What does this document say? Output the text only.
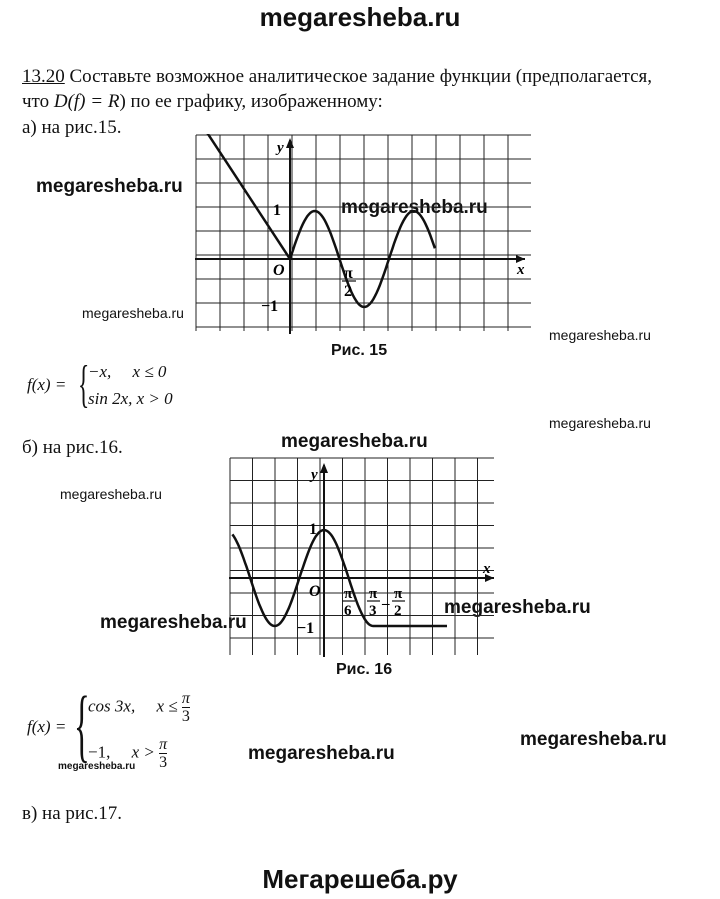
megaresheba.ru
13.20 Составьте возможное аналитическое задание функции (предполагается,
что D(f) = R) по ее графику, изображенному:
а) на рис.15.
megaresheba.ru
megaresheba.ru
megaresheba.ru
megaresheba.ru
megaresheba.ru
megaresheba.ru
megaresheba.ru
megaresheba.ru
megaresheba.ru
megaresheba.ru
megaresheba.ru
megaresheba.ru
y
x
O
1
−1
π
2
Рис. 15
f(x) = {
−x, x ≤ 0
sin 2x, x > 0
б) на рис.16.
y
x
O
1
−1
π
6
π
3 –
π
2
Рис. 16
f(x) = {
cos 3x, $x \le \frac{\pi}{3}$
−1, $x > \frac{\pi}{3}$
в) на рис.17.
Мегарешеба.ру
